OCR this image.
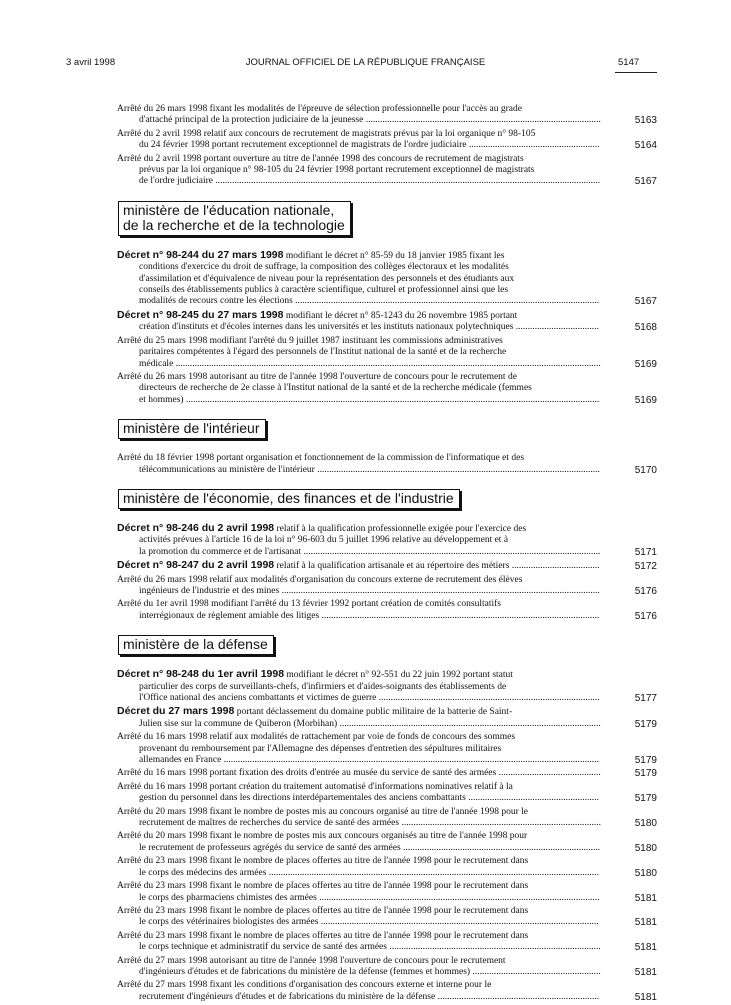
3 avril 1998	JOURNAL OFFICIEL DE LA RÉPUBLIQUE FRANÇAISE	5147
Arrêté du 26 mars 1998 fixant les modalités de l'épreuve de sélection professionnelle pour l'accès au grade
d'attaché principal de la protection judiciaire de la jeunesse ...................................................................................................	5163
Arrêté du 2 avril 1998 relatif aux concours de recrutement de magistrats prévus par la loi organique n° 98-105
du 24 février 1998 portant recrutement exceptionnel de magistrats de l'ordre judiciaire .......................................................	5164
Arrêté du 2 avril 1998 portant ouverture au titre de l'année 1998 des concours de recrutement de magistrats
prévus par la loi organique n° 98-105 du 24 février 1998 portant recrutement exceptionnel de magistrats
de l'ordre judiciaire ..................................................................................................................................................................	5167
ministère de l'éducation nationale,
de la recherche et de la technologie
Décret n° 98-244 du 27 mars 1998 modifiant le décret n° 85-59 du 18 janvier 1985 fixant les
conditions d'exercice du droit de suffrage, la composition des collèges électoraux et les modalités
d'assimilation et d'équivalence de niveau pour la représentation des personnels et des étudiants aux
conseils des établissements publics à caractère scientifique, culturel et professionnel ainsi que les
modalités de recours contre les élections ................................................................................................................................	5167
Décret n° 98-245 du 27 mars 1998 modifiant le décret n° 85-1243 du 26 novembre 1985 portant
création d'instituts et d'écoles internes dans les universités et les instituts nationaux polytechniques ...................................	5168
Arrêté du 25 mars 1998 modifiant l'arrêté du 9 juillet 1987 instituant les commissions administratives
paritaires compétentes à l'égard des personnels de l'Institut national de la santé et de la recherche
médicale ...................................................................................................................................................................................	5169
Arrêté du 26 mars 1998 autorisant au titre de l'année 1998 l'ouverture de concours pour le recrutement de
directeurs de recherche de 2e classe à l'Institut national de la santé et de la recherche médicale (femmes
et hommes) ..............................................................................................................................................................................	5169
ministère de l'intérieur
Arrêté du 18 février 1998 portant organisation et fonctionnement de la commission de l'informatique et des
télécommunications au ministère de l'intérieur .......................................................................................................................	5170
ministère de l'économie, des finances et de l'industrie
Décret n° 98-246 du 2 avril 1998 relatif à la qualification professionnelle exigée pour l'exercice des
activités prévues à l'article 16 de la loi n° 96-603 du 5 juillet 1996 relative au développement et à
la promotion du commerce et de l'artisanat .............................................................................................................................	5171
Décret n° 98-247 du 2 avril 1998 relatif à la qualification artisanale et au répertoire des métiers .....................................	5172
Arrêté du 26 mars 1998 relatif aux modalités d'organisation du concours externe de recrutement des élèves
ingénieurs de l'industrie et des mines ......................................................................................................................................	5176
Arrêté du 1er avril 1998 modifiant l'arrêté du 13 février 1992 portant création de comités consultatifs
interrégionaux de règlement amiable des litiges .....................................................................................................................	5176
ministère de la défense
Décret n° 98-248 du 1er avril 1998 modifiant le décret n° 92-551 du 22 juin 1992 portant statut
particulier des corps de surveillants-chefs, d'infirmiers et d'aides-soignants des établissements de
l'Office national des anciens combattants et victimes de guerre .............................................................................................	5177
Décret du 27 mars 1998 portant déclassement du domaine public militaire de la batterie de Saint-
Julien sise sur la commune de Quiberon (Morbihan) ..............................................................................................................	5179
Arrêté du 16 mars 1998 relatif aux modalités de rattachement par voie de fonds de concours des sommes
provenant du remboursement par l'Allemagne des dépenses d'entretien des sépultures militaires
allemandes en France ..............................................................................................................................................................	5179
Arrêté du 16 mars 1998 portant fixation des droits d'entrée au musée du service de santé des armées ...........................................	5179
Arrêté du 16 mars 1998 portant création du traitement automatisé d'informations nominatives relatif à la
gestion du personnel dans les directions interdépartementales des anciens combattants .......................................................	5179
Arrêté du 20 mars 1998 fixant le nombre de postes mis au concours organisé au titre de l'année 1998 pour le
recrutement de maîtres de recherches du service de santé des armées ....................................................................................	5180
Arrêté du 20 mars 1998 fixant le nombre de postes mis aux concours organisés au titre de l'année 1998 pour
le recrutement de professeurs agrégés du service de santé des armées ...................................................................................	5180
Arrêté du 23 mars 1998 fixant le nombre de places offertes au titre de l'année 1998 pour le recrutement dans
le corps des médecins des armées ...........................................................................................................................................	5180
Arrêté du 23 mars 1998 fixant le nombre de places offertes au titre de l'année 1998 pour le recrutement dans
le corps des pharmaciens chimistes des armées ......................................................................................................................	5181
Arrêté du 23 mars 1998 fixant le nombre de places offertes au titre de l'année 1998 pour le recrutement dans
le corps des vétérinaires biologistes des armées .....................................................................................................................	5181
Arrêté du 23 mars 1998 fixant le nombre de places offertes au titre de l'année 1998 pour le recrutement dans
le corps technique et administratif du service de santé des armées .........................................................................................	5181
Arrêté du 27 mars 1998 autorisant au titre de l'année 1998 l'ouverture de concours pour le recrutement
d'ingénieurs d'études et de fabrications du ministère de la défense (femmes et hommes) ......................................................	5181
Arrêté du 27 mars 1998 fixant les conditions d'organisation des concours externe et interne pour le
recrutement d'ingénieurs d'études et de fabrications du ministère de la défense ....................................................................	5181
